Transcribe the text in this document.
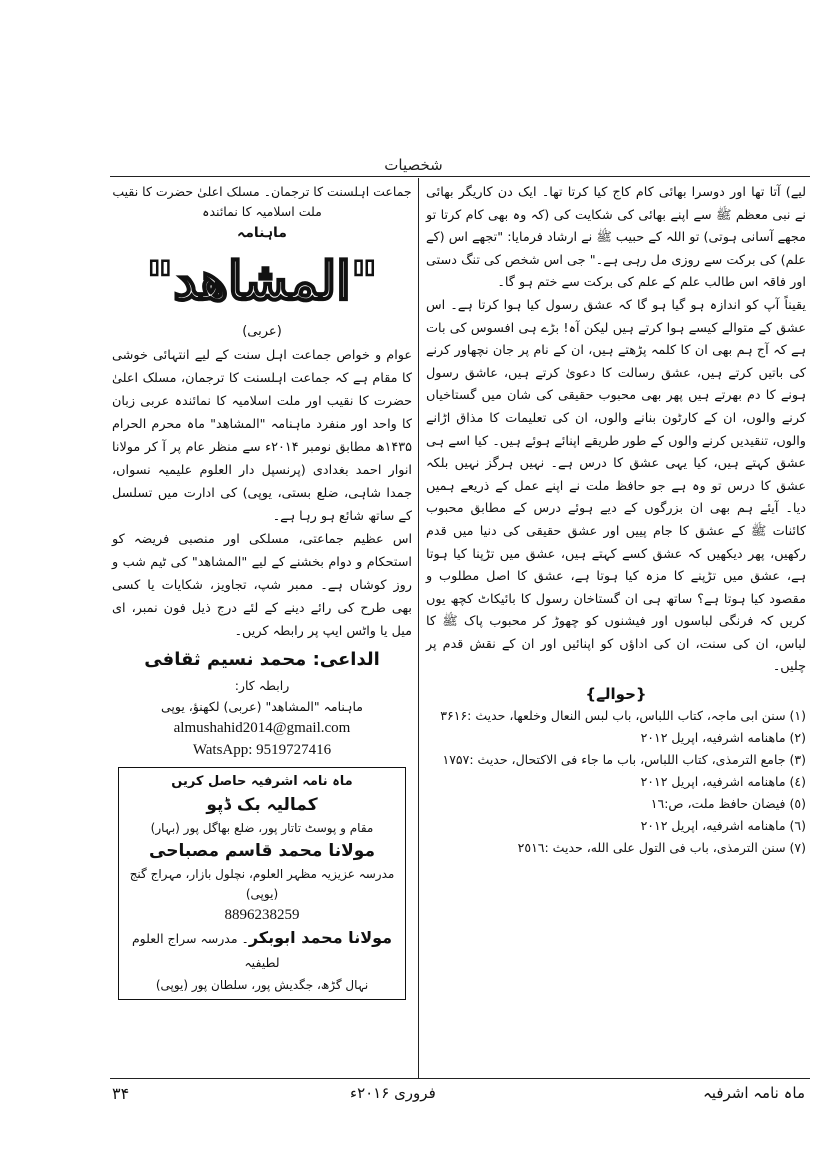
شخصیات

لیے) آتا تھا اور دوسرا بھائی کام کاج کیا کرتا تھا۔ ایک دن کاریگر بھائی نے نبی معظم ﷺ سے اپنے بھائی کی شکایت کی (کہ وہ بھی کام کرتا تو مجھے آسانی ہوتی) تو اللہ کے حبیب ﷺ نے ارشاد فرمایا: "تجھے اس (کے علم) کی برکت سے روزی مل رہی ہے۔" جی اس شخص کی تنگ دستی اور فاقہ اس طالب علم کے علم کی برکت سے ختم ہو گا۔

یقیناً آپ کو اندازہ ہو گیا ہو گا کہ عشق رسول کیا ہوا کرتا ہے۔ اس عشق کے متوالے کیسے ہوا کرتے ہیں لیکن آہ! بڑے ہی افسوس کی بات ہے کہ آج ہم بھی ان کا کلمہ پڑھتے ہیں، ان کے نام پر جان نچھاور کرنے کی باتیں کرتے ہیں، عشق رسالت کا دعویٰ کرتے ہیں، عاشق رسول ہونے کا دم بھرتے ہیں پھر بھی محبوب حقیقی کی شان میں گستاخیاں کرنے والوں، ان کے کارٹون بنانے والوں، ان کی تعلیمات کا مذاق اڑانے والوں، تنقیدیں کرنے والوں کے طور طریقے اپنائے ہوئے ہیں۔ کیا اسے ہی عشق کہتے ہیں، کیا یہی عشق کا درس ہے۔ نہیں ہرگز نہیں بلکہ عشق کا درس تو وہ ہے جو حافظ ملت نے اپنے عمل کے ذریعے ہمیں دیا۔ آیئے ہم بھی ان بزرگوں کے دیے ہوئے درس کے مطابق محبوب کائنات ﷺ کے عشق کا جام پییں اور عشق حقیقی کی دنیا میں قدم رکھیں، پھر دیکھیں کہ عشق کسے کہتے ہیں، عشق میں تڑپنا کیا ہوتا ہے، عشق میں تڑپنے کا مزہ کیا ہوتا ہے، عشق کا اصل مطلوب و مقصود کیا ہوتا ہے؟ ساتھ ہی ان گستاخان رسول کا بائیکاٹ کچھ یوں کریں کہ فرنگی لباسوں اور فیشنوں کو چھوڑ کر محبوب پاک ﷺ کا لباس، ان کی سنت، ان کی اداؤں کو اپنائیں اور ان کے نقش قدم پر چلیں۔

{حوالے}
(۱) سنن ابی ماجہ، کتاب اللباس، باب لبس النعال وخلعها، حدیث :۳۶۱۶
(۲) ماهنامه اشرفیه، اپریل ۲۰۱۲
(۳) جامع الترمذی، کتاب اللباس، باب ما جاء فی الاکتحال، حدیث :۱۷۵۷
(٤) ماهنامه اشرفیه، اپریل ۲۰۱۲
(٥) فیضان حافظ ملت، ص:۱٦
(٦) ماهنامه اشرفیه، اپریل ۲۰۱۲
(۷) سنن الترمذی، باب فی التول علی الله، حدیث :۲٥۱٦
جماعت اہلسنت کا ترجمان۔ مسلک اعلیٰ حضرت کا نقیب
ملت اسلامیہ کا نمائندہ
ماہنامہ
"المشاھد"
(عربی)

عوام و خواص جماعت اہل سنت کے لیے انتہائی خوشی کا مقام ہے کہ جماعت اہلسنت کا ترجمان، مسلک اعلیٰ حضرت کا نقیب اور ملت اسلامیہ کا نمائندہ عربی زبان کا واحد اور منفرد ماہنامہ "المشاھد" ماہ محرم الحرام ۱۴۳۵ھ مطابق نومبر ۲۰۱۴ء سے منظر عام پر آ کر مولانا انوار احمد بغدادی (پرنسپل دار العلوم علیمیہ نسواں، جمدا شاہی، ضلع بستی، یوپی) کی ادارت میں تسلسل کے ساتھ شائع ہو رہا ہے۔

اس عظیم جماعتی، مسلکی اور منصبی فریضہ کو استحکام و دوام بخشنے کے لیے "المشاھد" کی ٹیم شب و روز کوشاں ہے۔ ممبر شپ، تجاویز، شکایات یا کسی بھی طرح کی رائے دینے کے لئے درج ذیل فون نمبر، ای میل یا واٹس ایپ پر رابطہ کریں۔

الداعی: محمد نسیم ثقافی
رابطہ کار:
ماہنامہ "المشاھد" (عربی) لکھنؤ، یوپی
almushahid2014@gmail.com
WatsApp: 9519727416
ماہ نامہ اشرفیہ حاصل کریں
کمالیہ بک ڈپو
مقام و پوسٹ تاتار پور، ضلع بھاگل پور (بہار)
مولانا محمد قاسم مصباحی
مدرسہ عزیزیہ مظہر العلوم، نچلول بازار، مہراج گنج (یوپی)
8896238259
مولانا محمد ابوبکر۔ مدرسہ سراج العلوم لطیفیہ
نہال گڑھ، جگدیش پور، سلطان پور (یوپی)
ماہ نامہ اشرفیہ
فروری ۲۰۱۶ء
۳۴
